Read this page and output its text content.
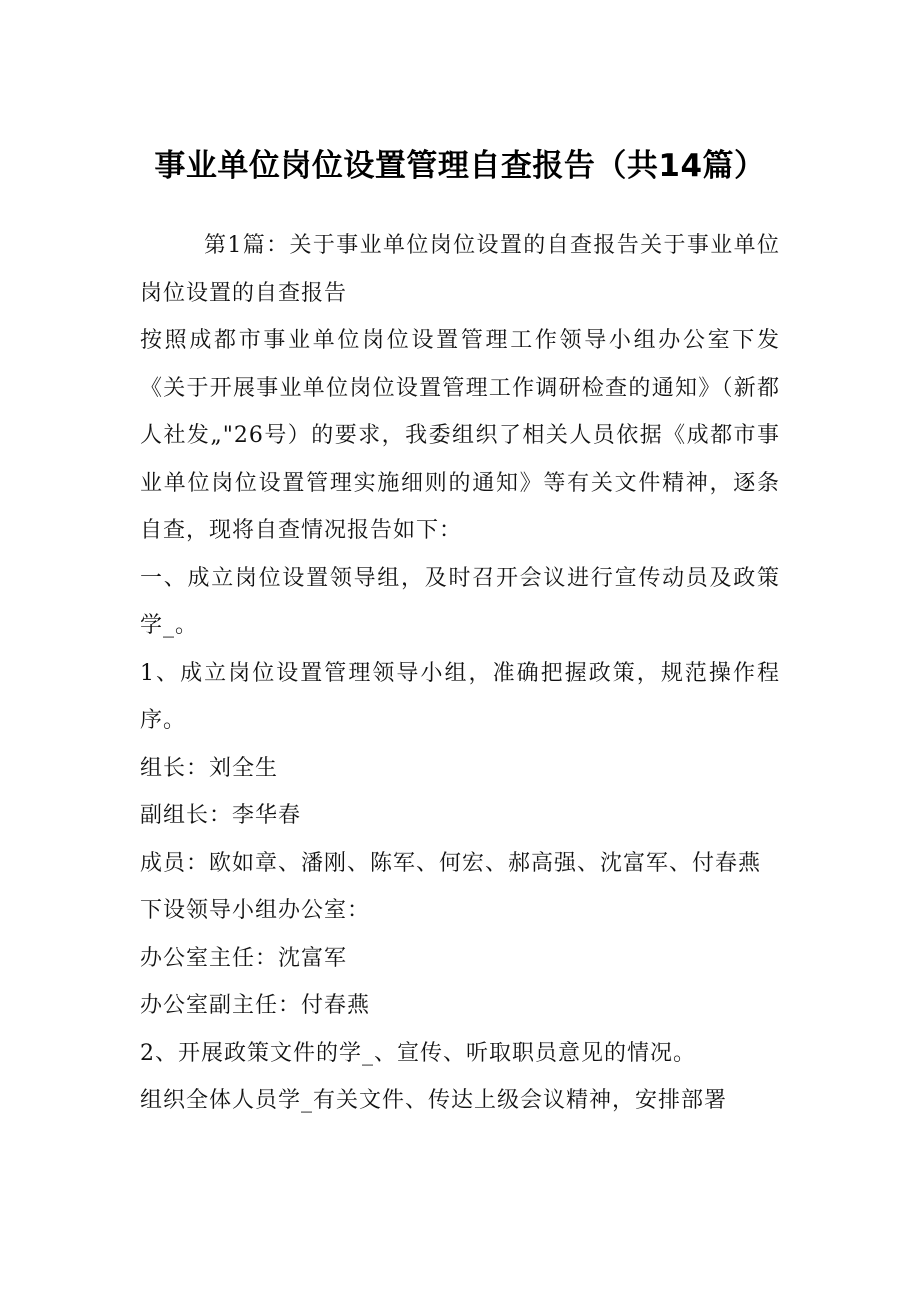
事业单位岗位设置管理自查报告（共14篇）

第1篇：关于事业单位岗位设置的自查报告关于事业单位岗位设置的自查报告

按照成都市事业单位岗位设置管理工作领导小组办公室下发《关于开展事业单位岗位设置管理工作调研检查的通知》（新都人社发„"26号）的要求，我委组织了相关人员依据《成都市事业单位岗位设置管理实施细则的通知》等有关文件精神，逐条自查，现将自查情况报告如下：

一、成立岗位设置领导组，及时召开会议进行宣传动员及政策学_。

1、成立岗位设置管理领导小组，准确把握政策，规范操作程序。

组长：刘全生

副组长：李华春

成员：欧如章、潘刚、陈军、何宏、郝高强、沈富军、付春燕

下设领导小组办公室：

办公室主任：沈富军

办公室副主任：付春燕

2、开展政策文件的学_、宣传、听取职员意见的情况。

组织全体人员学_有关文件、传达上级会议精神，安排部署
